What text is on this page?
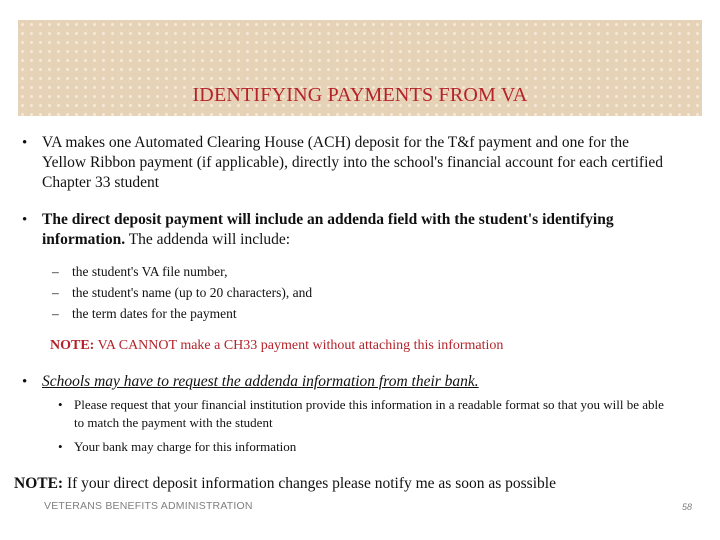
IDENTIFYING PAYMENTS FROM VA
• VA makes one Automated Clearing House (ACH) deposit for the T&f payment and one for the Yellow Ribbon payment (if applicable), directly into the school's financial account for each certified Chapter 33 student
• The direct deposit payment will include an addenda field with the student's identifying information. The addenda will include:
– the student's VA file number,
– the student's name (up to 20 characters), and
– the term dates for the payment
NOTE: VA CANNOT make a CH33 payment without attaching this information
• Schools may have to request the addenda information from their bank.
• Please request that your financial institution provide this information in a readable format so that you will be able to match the payment with the student
• Your bank may charge for this information
NOTE: If your direct deposit information changes please notify me as soon as possible
VETERANS BENEFITS ADMINISTRATION	58
